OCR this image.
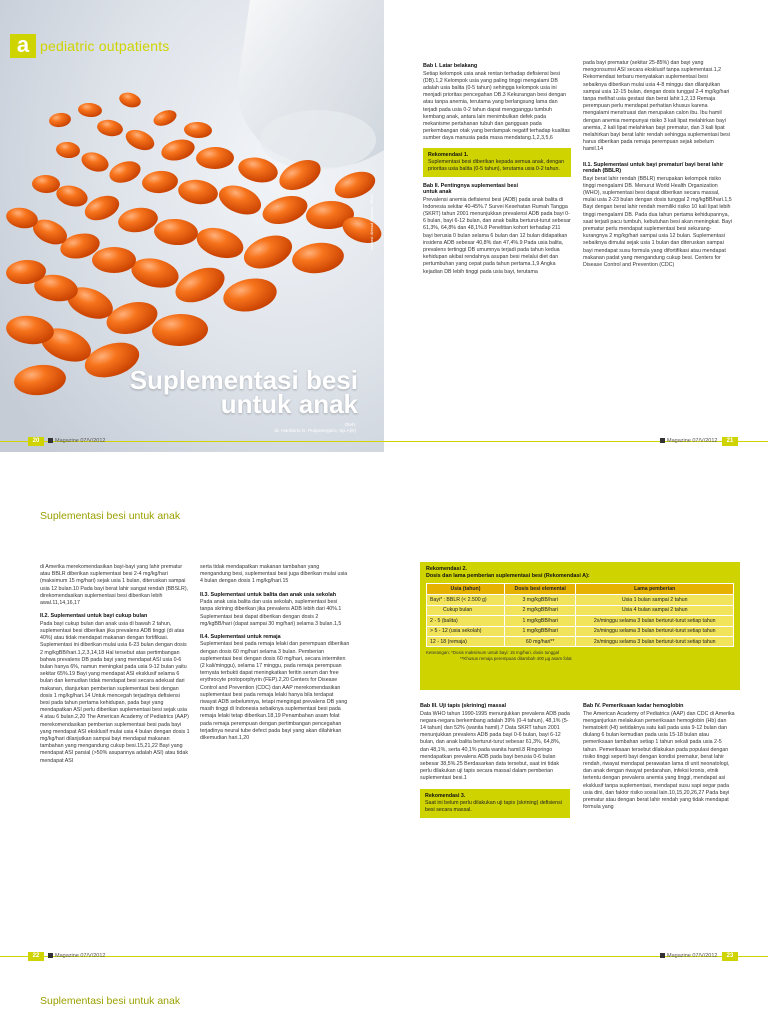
a pediatric outpatients
Suplementasi besi
untuk anak
Oleh:
dr. Hardiono D. Pusponegoro, Sp.A(K)
Ilustrasi: Ahmad Sibaweh / iStock
Bab I. Latar belakang

Setiap kelompok usia anak rentan terhadap defisiensi besi (DB).1,2 Kelompok usia yang paling tinggi mengalami DB adalah usia balita (0-5 tahun) sehingga kelompok usia ini menjadi prioritas pencegahan DB.3 Kekurangan besi dengan atau tanpa anemia, terutama yang berlangsung lama dan terjadi pada usia 0-2 tahun dapat mengganggu tumbuh kembang anak, antara lain menimbulkan defek pada mekanisme pertahanan tubuh dan gangguan pada perkembangan otak yang berdampak negatif terhadap kualitas sumber daya manusia pada masa mendatang.1,2,3,5,6

Rekomendasi 1.
Suplementasi besi diberikan kepada semua anak, dengan prioritas usia balita (0-5 tahun), terutama usia 0-2 tahun.
Bab II. Pentingnya suplementasi besi
untuk anak

Prevalensi anemia defisiensi besi (ADB) pada anak balita di Indonesia sekitar 40-45%.7 Survei Kesehatan Rumah Tangga (SKRT) tahun 2001 menunjukkan prevalensi ADB pada bayi 0-6 bulan, bayi 6-12 bulan, dan anak balita berturut-turut sebesar 61,3%, 64,8% dan 48,1%.8 Penelitian kohort terhadap 211 bayi berusia 0 bulan selama 6 bulan dan 12 bulan didapatkan insidens ADB sebesar 40,8% dan 47,4%.9 Pada usia balita, prevalens tertinggi DB umumnya terjadi pada tahun kedua kehidupan akibat rendahnya asupan besi melalui diet dan pertumbuhan yang cepat pada tahun pertama.1,9 Angka kejadian DB lebih tinggi pada usia bayi, terutama

pada bayi prematur (sekitar 25-85%) dan bayi yang mengonsumsi ASI secara eksklusif tanpa suplementasi.1,2 Rekomendasi terbaru menyatakan suplementasi besi sebaiknya diberikan mulai usia 4-8 minggu dan dilanjutkan sampai usia 12-15 bulan, dengan dosis tunggal 2-4 mg/kg/hari tanpa melihat usia gestasi dan berat lahir.1,2,13 Remaja perempuan perlu mendapat perhatian khusus karena mengalami menstruasi dan merupakan calon ibu. Ibu hamil dengan anemia mempunyai risiko 3 kali lipat melahirkan bayi anemia, 2 kali lipat melahirkan bayi prematur, dan 3 kali lipat melahirkan bayi berat lahir rendah sehingga suplementasi besi harus diberikan pada remaja perempuan sejak sebelum hamil.14

II.1. Suplementasi untuk bayi prematur/ bayi berat lahir rendah (BBLR)

Bayi berat lahir rendah (BBLR) merupakan kelompok risiko tinggi mengalami DB. Menurut World Health Organization (WHO), suplementasi besi dapat diberikan secara massal, mulai usia 2-23 bulan dengan dosis tunggal 2 mg/kgBB/hari.1,5 Bayi dengan berat lahir rendah memiliki risiko 10 kali lipat lebih tinggi mengalami DB. Pada dua tahun pertama kehidupannya, saat terjadi pacu tumbuh, kebutuhan besi akan meningkat. Bayi prematur perlu mendapat suplementasi besi sekurang-kurangnya 2 mg/kg/hari sampai usia 12 bulan. Suplementasi sebaiknya dimulai sejak usia 1 bulan dan diteruskan sampai bayi mendapat susu formula yang difortifikasi atau mendapat makanan padat yang mengandung cukup besi. Centers for Disease Control and Prevention (CDC)

20	Magazine 07/V/2012	Magazine 07/V/2012	21
Suplementasi besi untuk anak

di Amerika merekomendasikan bayi-bayi yang lahir prematur atau BBLR diberikan suplementasi besi 2-4 mg/kg/hari (maksimum 15 mg/hari) sejak usia 1 bulan, diteruskan sampai usia 12 bulan.10 Pada bayi berat lahir sangat rendah (BBSLR), direkomendasikan suplementasi besi diberikan lebih awal.11,14,16,17

II.2. Suplementasi untuk bayi cukup bulan

Pada bayi cukup bulan dan anak usia di bawah 2 tahun, suplementasi besi diberikan jika prevalens ADB tinggi (di atas 40%) atau tidak mendapat makanan dengan fortifikasi. Suplementasi ini diberikan mulai usia 6-23 bulan dengan dosis 2 mg/kgBB/hari.1,2,3,14,18 Hal tersebut atas pertimbangan bahwa prevalens DB pada bayi yang mendapat ASI usia 0-6 bulan hanya 6%, namun meningkat pada usia 9-12 bulan yaitu sekitar 65%.19 Bayi yang mendapat ASI eksklusif selama 6 bulan dan kemudian tidak mendapat besi secara adekuat dari makanan, dianjurkan pemberian suplementasi besi dengan dosis 1 mg/kg/hari.14 Untuk mencegah terjadinya defisiensi besi pada tahun pertama kehidupan, pada bayi yang mendapatkan ASI perlu diberikan suplementasi besi sejak usia 4 atau 6 bulan.2,20 The American Academy of Pediatrics (AAP) merekomendasikan pemberian suplementasi besi pada bayi yang mendapat ASI eksklusif mulai usia 4 bulan dengan dosis 1 mg/kg/hari dilanjutkan sampai bayi mendapat makanan tambahan yang mengandung cukup besi.15,21,22 Bayi yang mendapat ASI parsial (>50% asupannya adalah ASI) atau tidak mendapat ASI

serta tidak mendapatkan makanan tambahan yang mengandung besi, suplementasi besi juga diberikan mulai usia 4 bulan dengan dosis 1 mg/kg/hari.15

II.3. Suplementasi untuk balita dan anak usia sekolah

Pada anak usia balita dan usia sekolah, suplementasi besi tanpa skrining diberikan jika prevalens ADB lebih dari 40%.1 Suplementasi besi dapat diberikan dengan dosis 2 mg/kgBB/hari (dapat sampai 30 mg/hari) selama 3 bulan.1,5

II.4. Suplementasi untuk remaja

Suplementasi besi pada remaja lelaki dan perempuan diberikan dengan dosis 60 mg/hari selama 3 bulan. Pemberian suplementasi besi dengan dosis 60 mg/hari, secara intermiten (2 kali/minggu), selama 17 minggu, pada remaja perempuan ternyata terbukti dapat meningkatkan feritin serum dan free erythrocyte protoporphyrin (FEP).2,20 Centers for Disease Control and Prevention (CDC) dan AAP merekomendasikan suplementasi besi pada remaja lelaki hanya bila terdapat riwayat ADB sebelumnya, tetapi mengingat prevalens DB yang masih tinggi di Indonesia sebaiknya suplementasi besi pada remaja lelaki tetap diberikan.18,19 Penambahan asam folat pada remaja perempuan dengan pertimbangan pencegahan terjadinya neural tube defect pada bayi yang akan dilahirkan dikemudian hari.1,20

Rekomendasi 2.
Dosis dan lama pemberian suplementasi besi (Rekomendasi A):
Usia (tahun)	Dosis besi elemental	Lama pemberian
Bayi* : BBLR (< 2.500 g)	3 mg/kgBB/hari	Usia 1 bulan sampai 2 tahun
Cukup bulan	2 mg/kgBB/hari	Usia 4 bulan sampai 2 tahun
2 - 5 (balita)	1 mg/kgBB/hari	2x/minggu selama 3 bulan berturut-turut setiap tahun
> 5 - 12 (usia sekolah)	1 mg/kgBB/hari	2x/minggu selama 3 bulan berturut-turut setiap tahun
12 - 18 (remaja)	60 mg/hari**	2x/minggu selama 3 bulan berturut-turut setiap tahun
Keterangan: *Dosis maksimum untuk bayi: 15 mg/hari, dosis tunggal
**Khusus remaja perempuan ditambah 400 μg asam folat
Bab III. Uji tapis (skrining) massal

Data WHO tahun 1990-1995 menunjukkan prevalens ADB pada negara-negara berkembang adalah 39% (0-4 tahun), 48,1% (5-14 tahun) dan 52% (wanita hamil).7 Data SKRT tahun 2001 menunjukkan prevalens ADB pada bayi 0-6 bulan, bayi 6-12 bulan, dan anak balita berturut-turut sebesar 61,3%, 64,8%, dan 48,1%, serta 40,1% pada wanita hamil.8 Ringoringo mendapatkan prevalens ADB pada bayi berusia 0-6 bulan sebesar 38,5%.25 Berdasarkan data tersebut, saat ini tidak perlu dilakukan uji tapis secara massal dalam pemberian suplementasi besi.1

Rekomendasi 3.
Saat ini belum perlu dilakukan uji tapis (skrining) defisiensi besi secara massal.
Bab IV. Pemeriksaan kadar hemoglobin

The American Academy of Pediatrics (AAP) dan CDC di Amerika menganjurkan melakukan pemeriksaan hemoglobin (Hb) dan hematokrit (Ht) setidaknya satu kali pada usia 9-12 bulan dan diulang 6 bulan kemudian pada usia 15-18 bulan atau pemeriksaan tambahan setiap 1 tahun sekali pada usia 2-5 tahun. Pemeriksaan tersebut dilakukan pada populasi dengan risiko tinggi seperti bayi dengan kondisi prematur, berat lahir rendah, riwayat mendapat perawatan lama di unit neonatologi, dan anak dengan riwayat perdarahan, infeksi kronis, etnik tertentu dengan prevalens anemia yang tinggi, mendapat asi eksklusif tanpa suplementasi, mendapat susu sapi segar pada usia dini, dan faktor risiko sosial lain.10,15,20,26,27 Pada bayi prematur atau dengan berat lahir rendah yang tidak mendapat formula yang

22	Magazine 07/V/2012	Magazine 07/V/2012	23
Suplementasi besi untuk anak
